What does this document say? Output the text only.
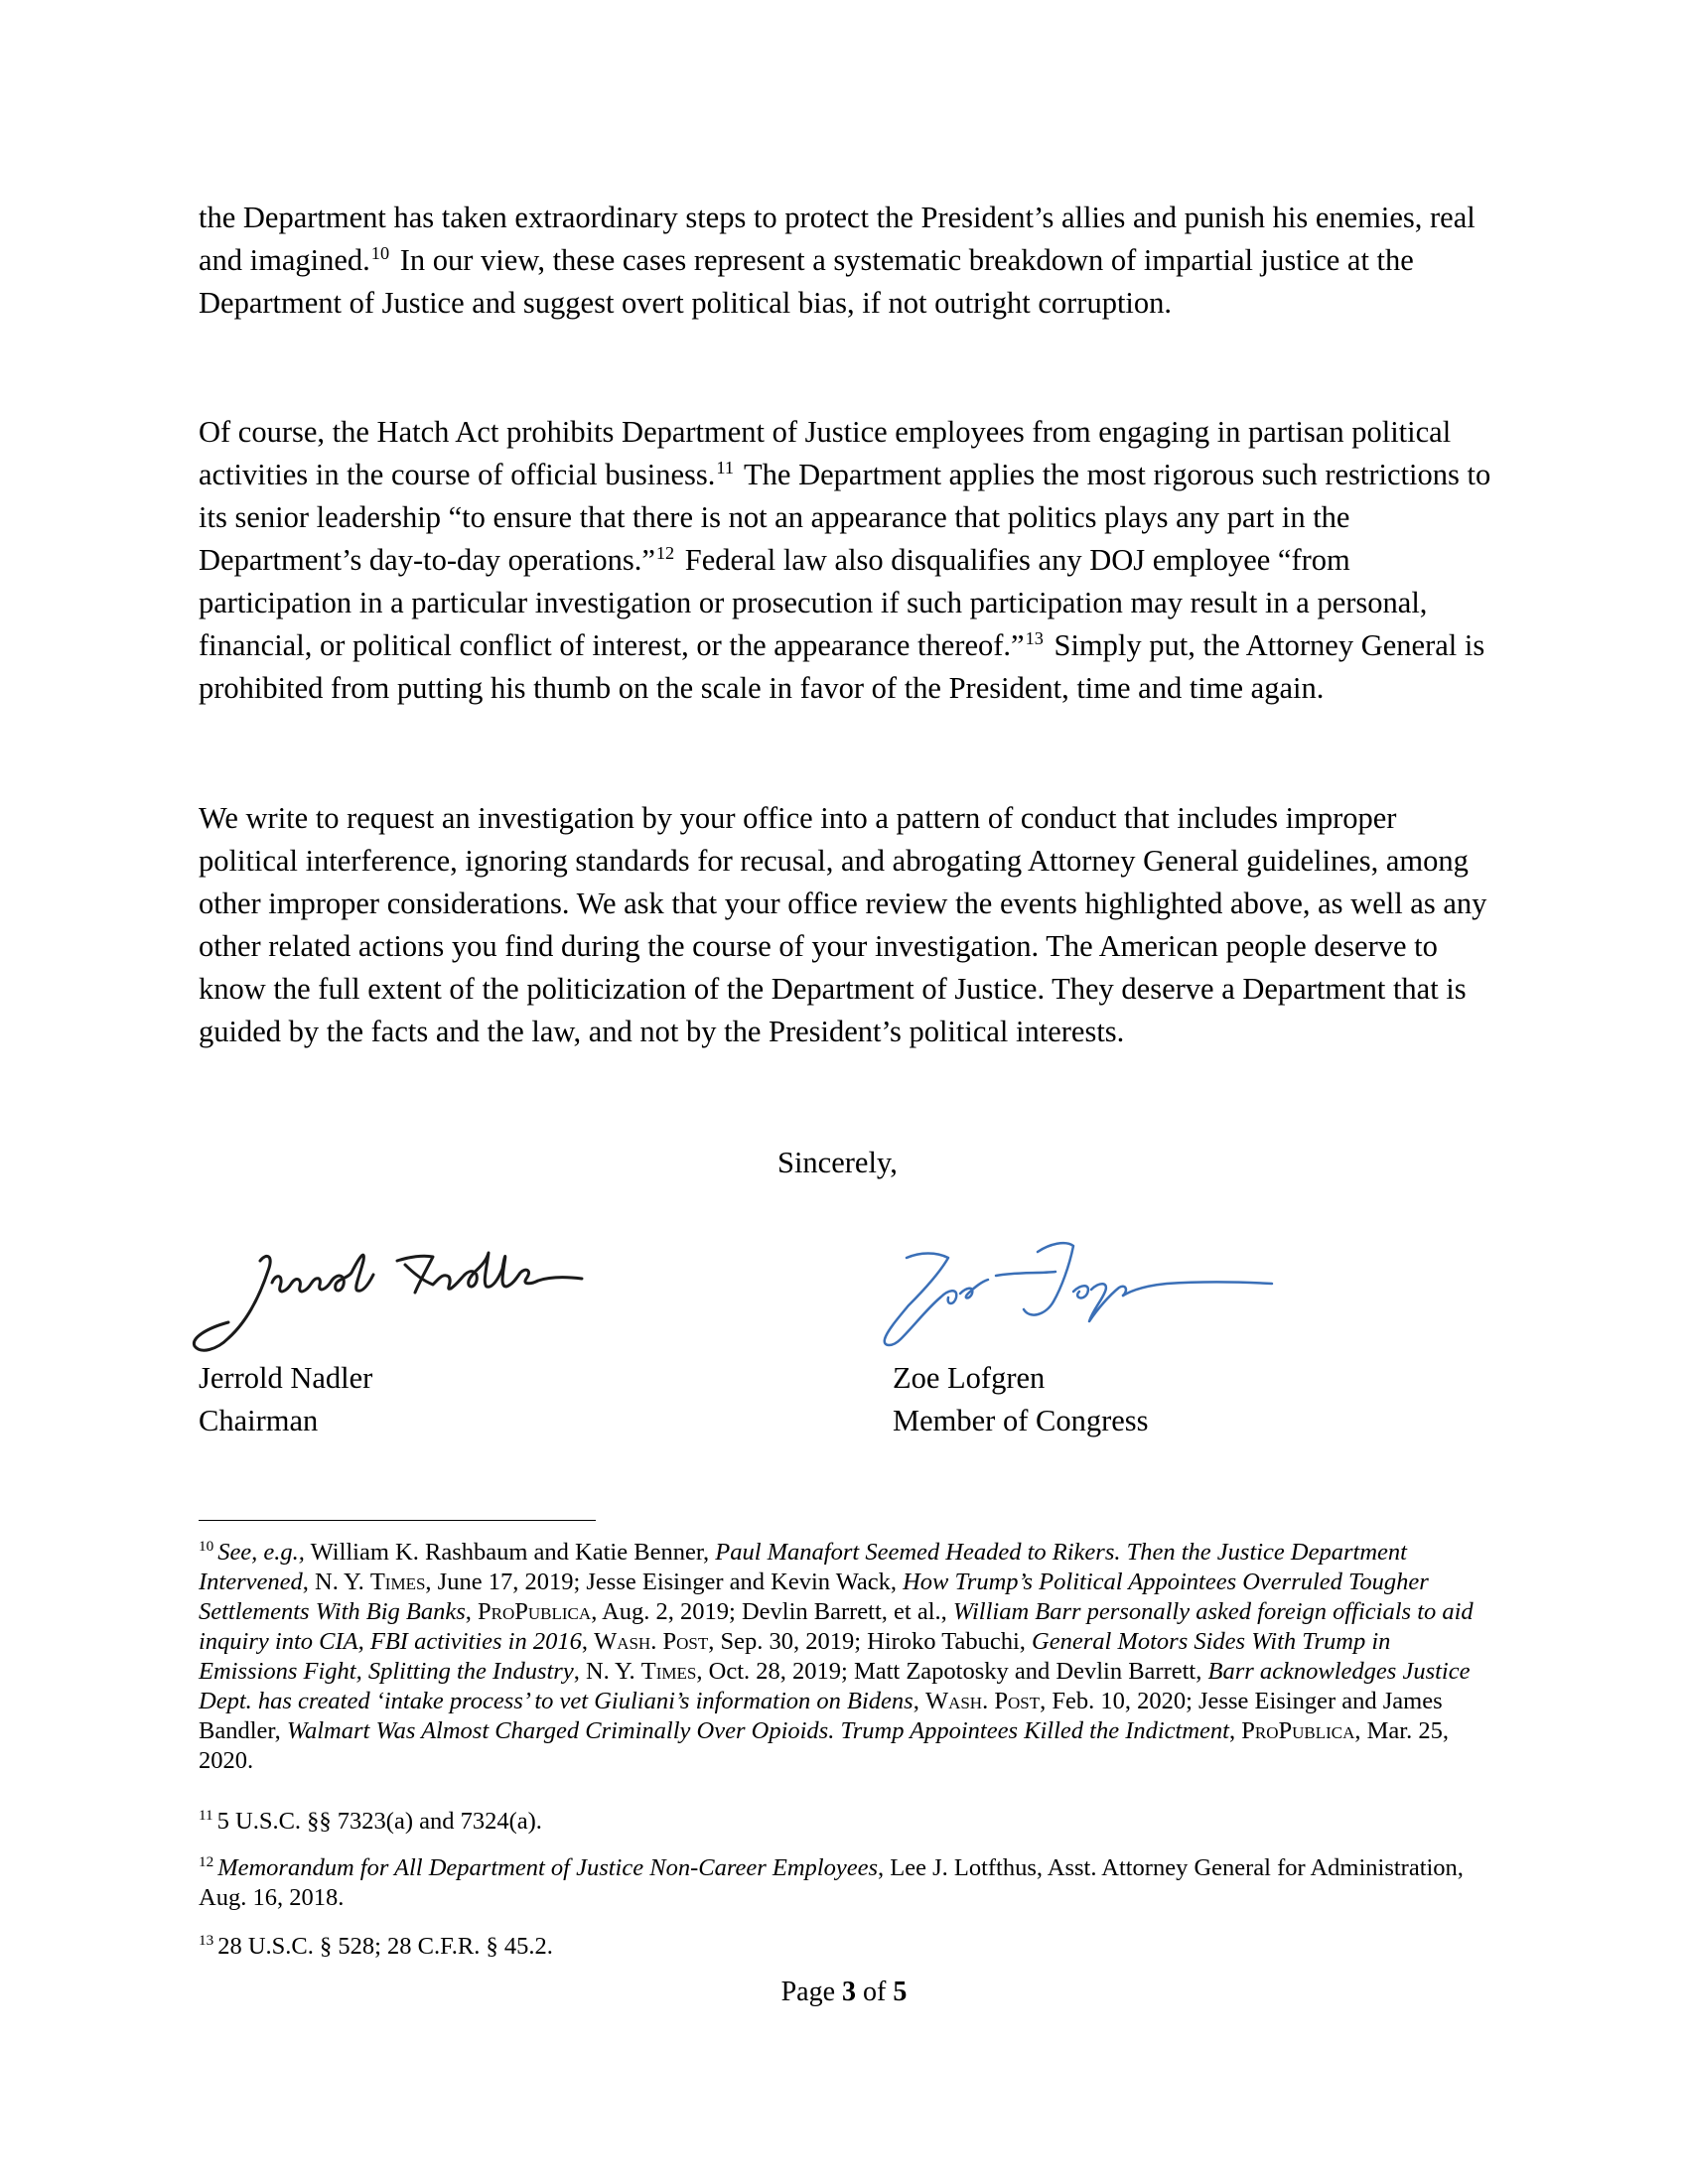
the Department has taken extraordinary steps to protect the President’s allies and punish his enemies, real and imagined.$^{10}$ In our view, these cases represent a systematic breakdown of impartial justice at the Department of Justice and suggest overt political bias, if not outright corruption.

Of course, the Hatch Act prohibits Department of Justice employees from engaging in partisan political activities in the course of official business.$^{11}$ The Department applies the most rigorous such restrictions to its senior leadership “to ensure that there is not an appearance that politics plays any part in the Department’s day-to-day operations.”$^{12}$ Federal law also disqualifies any DOJ employee “from participation in a particular investigation or prosecution if such participation may result in a personal, financial, or political conflict of interest, or the appearance thereof.”$^{13}$ Simply put, the Attorney General is prohibited from putting his thumb on the scale in favor of the President, time and time again.

We write to request an investigation by your office into a pattern of conduct that includes improper political interference, ignoring standards for recusal, and abrogating Attorney General guidelines, among other improper considerations. We ask that your office review the events highlighted above, as well as any other related actions you find during the course of your investigation. The American people deserve to know the full extent of the politicization of the Department of Justice. They deserve a Department that is guided by the facts and the law, and not by the President’s political interests.

Sincerely,
Jerrold Nadler
Chairman
Zoe Lofgren
Member of Congress

$^{10}$ See, e.g., William K. Rashbaum and Katie Benner, Paul Manafort Seemed Headed to Rikers. Then the Justice Department Intervened, N. Y. Times, June 17, 2019; Jesse Eisinger and Kevin Wack, How Trump’s Political Appointees Overruled Tougher Settlements With Big Banks, ProPublica, Aug. 2, 2019; Devlin Barrett, et al., William Barr personally asked foreign officials to aid inquiry into CIA, FBI activities in 2016, Wash. Post, Sep. 30, 2019; Hiroko Tabuchi, General Motors Sides With Trump in Emissions Fight, Splitting the Industry, N. Y. Times, Oct. 28, 2019; Matt Zapotosky and Devlin Barrett, Barr acknowledges Justice Dept. has created ‘intake process’ to vet Giuliani’s information on Bidens, Wash. Post, Feb. 10, 2020; Jesse Eisinger and James Bandler, Walmart Was Almost Charged Criminally Over Opioids. Trump Appointees Killed the Indictment, ProPublica, Mar. 25, 2020.

$^{11}$ 5 U.S.C. §§ 7323(a) and 7324(a).

$^{12}$ Memorandum for All Department of Justice Non-Career Employees, Lee J. Lotfthus, Asst. Attorney General for Administration, Aug. 16, 2018.

$^{13}$ 28 U.S.C. § 528; 28 C.F.R. § 45.2.

Page 3 of 5
